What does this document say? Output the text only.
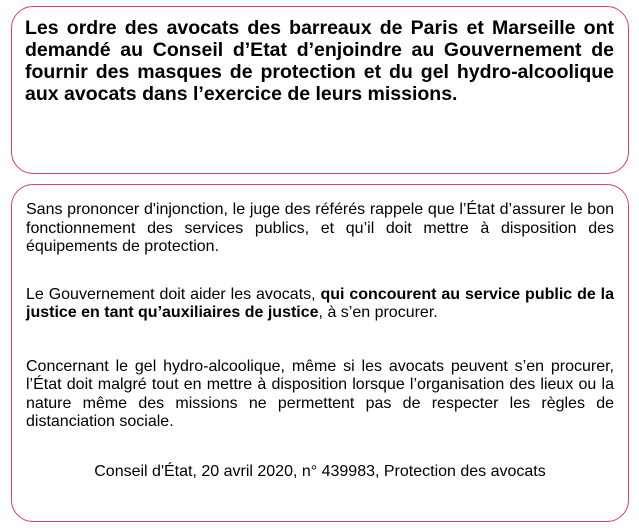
Les ordre des avocats des barreaux de Paris et Marseille ont demandé au Conseil d’Etat d’enjoindre au Gouvernement de fournir des masques de protection et du gel hydro-alcoolique aux avocats dans l’exercice de leurs missions.

Sans prononcer d'injonction, le juge des référés rappele que l’État d’assurer le bon fonctionnement des services publics, et qu’il doit mettre à disposition des équipements de protection.

Le Gouvernement doit aider les avocats, qui concourent au service public de la justice en tant qu’auxiliaires de justice, à s’en procurer.

Concernant le gel hydro-alcoolique, même si les avocats peuvent s’en procurer, l’État doit malgré tout en mettre à disposition lorsque l’organisation des lieux ou la nature même des missions ne permettent pas de respecter les règles de distanciation sociale.

Conseil d'État, 20 avril 2020, n° 439983, Protection des avocats
